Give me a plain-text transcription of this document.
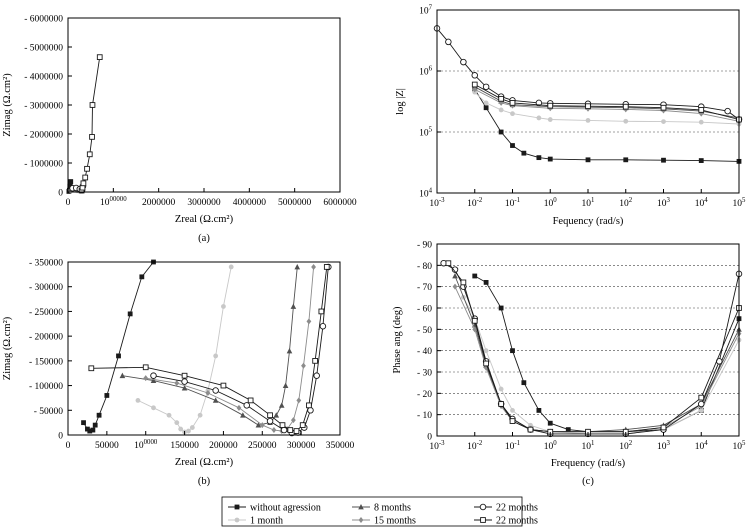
0	$10^{00000}$ 2000000 3000000 4000000 5000000 6000000
0
- 1000000
- 2000000
- 3000000
- 4000000
- 5000000
- 6000000
Zreal (Ω.cm²)
Zimag (Ω.cm²)
(a)
0	50000 $10^{0000}$ 150000 200000 250000 300000 350000
0
- 50000
- 100000
- 150000
- 200000
- 250000
- 300000
- 350000
Zreal (Ω.cm²)
Zimag (Ω.cm²)
(b)
$10^{-3}$ $10^{-2}$ $10^{-1}$ $10^0$	$10^1$	$10^2$	$10^3$	$10^4$	$10^5$
$10^4$
$10^5$
$10^6$
$10^7$
Fequency (rad/s)
log |Z|
$10^{-3}$ $10^{-2}$ $10^{-1}$ $10^0$	$10^1$	$10^2$	$10^3$	$10^4$	$10^5$
0
- 10
- 20
- 30
- 40
- 50
- 60
- 70
- 80
- 90
Frequency (rad/s)
Phase ang (deg)
(c)
without agression
1 month
8 months
15 months
22 months
22 months
